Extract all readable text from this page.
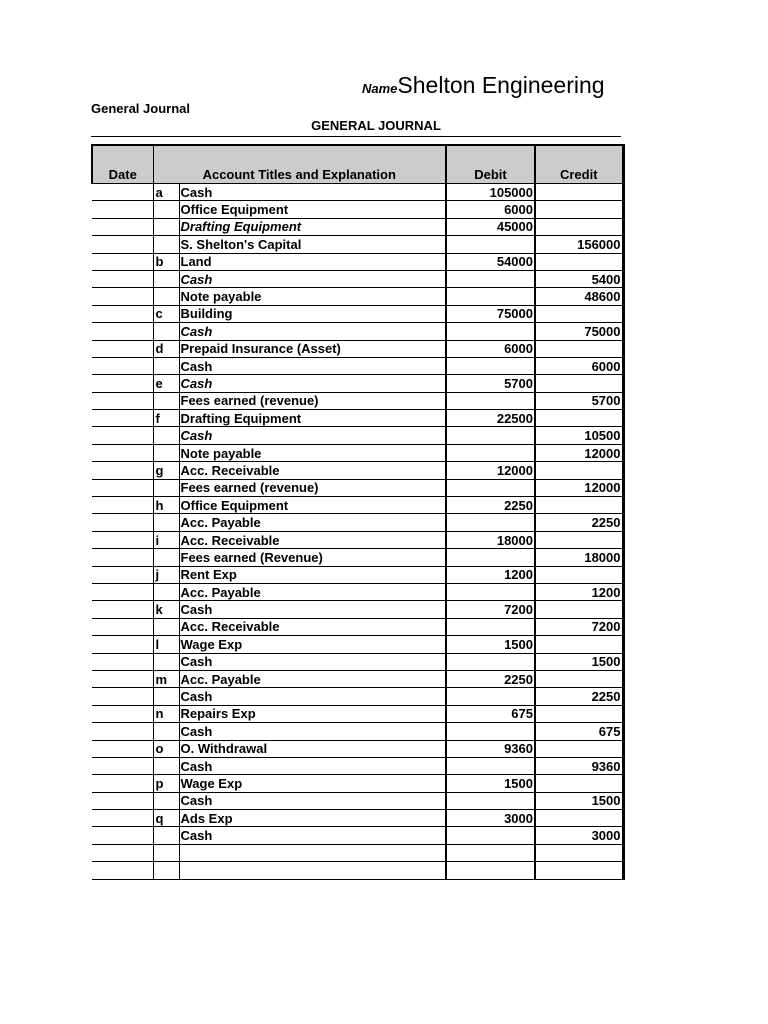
NameShelton Engineering
General Journal
GENERAL JOURNAL
Date	Account Titles and Explanation		Debit	Credit
	a	Cash	105000	
		Office Equipment	6000	
		Drafting Equipment	45000	
		S. Shelton's Capital		156000
	b	Land	54000	
		Cash		5400
		Note payable		48600
	c	Building	75000	
		Cash		75000
	d	Prepaid Insurance (Asset)	6000	
		Cash		6000
	e	Cash	5700	
		Fees earned (revenue)		5700
	f	Drafting Equipment	22500	
		Cash		10500
		Note payable		12000
	g	Acc. Receivable	12000	
		Fees earned (revenue)		12000
	h	Office Equipment	2250	
		Acc. Payable		2250
	i	Acc. Receivable	18000	
		Fees earned (Revenue)		18000
	j	Rent Exp	1200	
		Acc. Payable		1200
	k	Cash	7200	
		Acc. Receivable		7200
	l	Wage Exp	1500	
		Cash		1500
	m	Acc. Payable	2250	
		Cash		2250
	n	Repairs Exp	675	
		Cash		675
	o	O. Withdrawal	9360	
		Cash		9360
	p	Wage Exp	1500	
		Cash		1500
	q	Ads Exp	3000	
		Cash		3000
